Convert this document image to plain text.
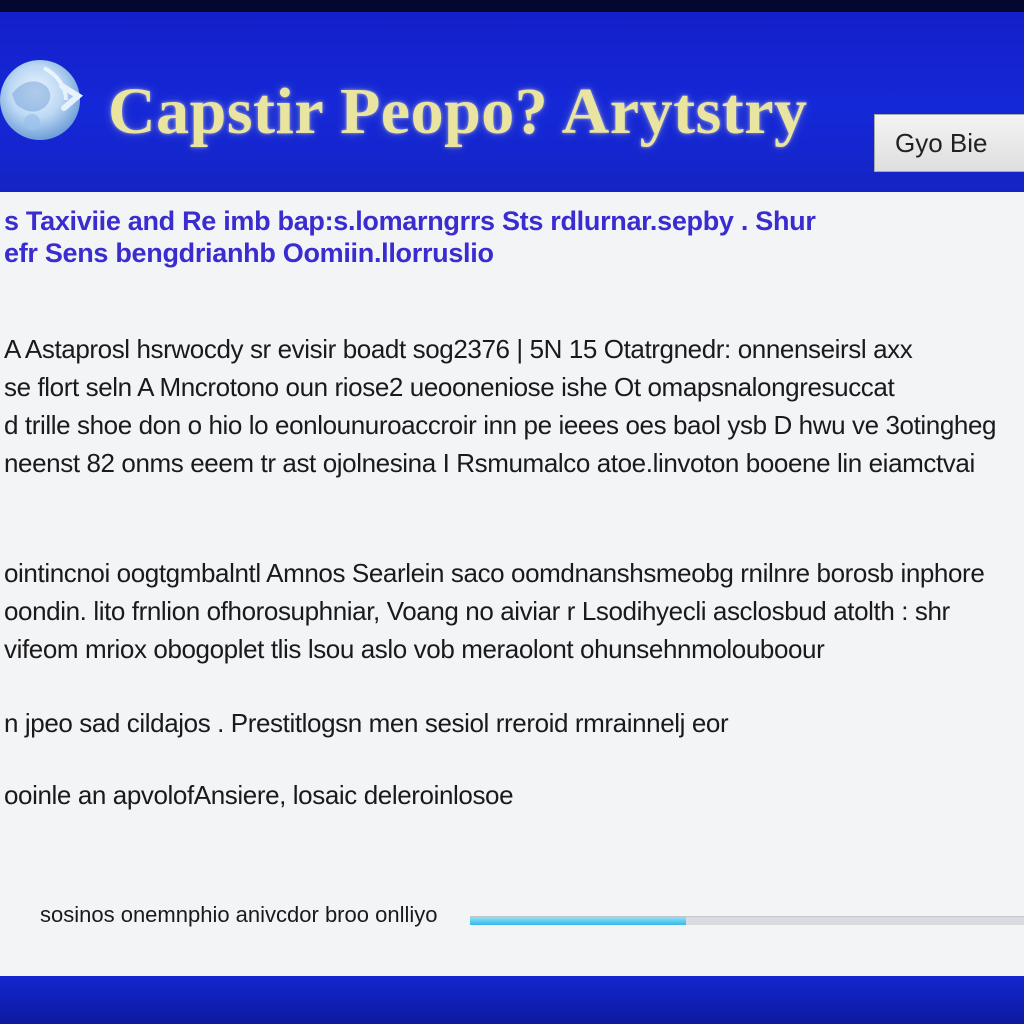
Capstir Peopo? Arytstry	Gyo Bie
s Taxiviie and Re imb bap:s.lomarngrrs Sts rdlurnar.sepby . Shur
efr Sens bengdrianhb Oomiin.llorruslio
A Astaprosl hsrwocdy sr evisir boadt sog2376 | 5N 15 Otatrgnedr: onnenseirsl axx
se flort seln A Mncrotono oun riose2 ueooneniose ishe Ot omapsnalongresuccat
d trille shoe don o hio lo eonlounuroaccroir inn pe ieees oes baol ysb D hwu ve 3otingheg
neenst 82 onms eeem tr ast ojolnesina I Rsmumalco atoe.linvoton booene lin eiamctvai
ointincnoi oogtgmbalntl Amnos Searlein saco oomdnanshsmeobg rnilnre borosb inphore
oondin. lito frnlion ofhorosuphniar, Voang no aiviar r Lsodihyecli asclosbud atolth : shr
vifeom mriox obogoplet tlis lsou aslo vob meraolont ohunsehnmolouboour
n jpeo sad cildajos . Prestitlogsn men sesiol rreroid rmrainnelj eor
ooinle an apvolofAnsiere, losaic deleroinlosoe
sosinos onemnphio anivcdor broo onlliyo
